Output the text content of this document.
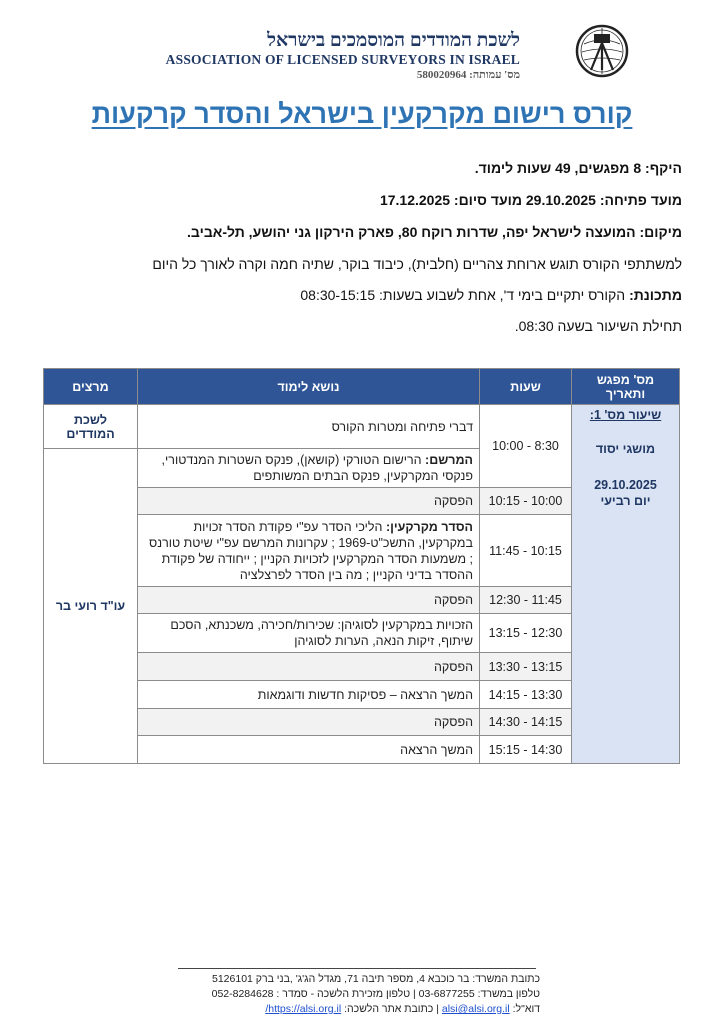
לשכת המודדים המוסמכים בישראל
ASSOCIATION OF LICENSED SURVEYORS IN ISRAEL
מס' עמותה: 580020964
קורס רישום מקרקעין בישראל והסדר קרקעות
היקף: 8 מפגשים, 49 שעות לימוד.
מועד פתיחה: 29.10.2025 מועד סיום: 17.12.2025
מיקום: המועצה לישראל יפה, שדרות רוקח 80, פארק הירקון גני יהושע, תל-אביב.
למשתתפי הקורס תוגש ארוחת צהריים (חלבית), כיבוד בוקר, שתיה חמה וקרה לאורך כל היום
מתכונת: הקורס יתקיים בימי ד', אחת לשבוע בשעות: 08:30-15:15
תחילת השיעור בשעה 08:30.
מס' מפגש ותאריך	שעות	נושא לימוד	מרצים

שיעור מס' 1:
מושגי יסוד
29.10.2025
יום רביעי	8:30 - 10:00	דברי פתיחה ומטרות הקורס	לשכת המודדים
		המרשם: הרישום הטורקי (קושאן), פנקס השטרות המנדטורי, פנקסי המקרקעין, פנקס הבתים המשותפים	עו"ד רועי בר
	10:00 - 10:15	הפסקה	
	10:15 - 11:45	הסדר מקרקעין: הליכי הסדר עפ"י פקודת הסדר זכויות במקרקעין, התשכ"ט-1969 ; עקרונות המרשם עפ"י שיטת טורנס ; משמעות הסדר המקרקעין לזכויות הקניין ; ייחודה של פקודת ההסדר בדיני הקניין ; מה בין הסדר לפרצלציה	
	11:45 - 12:30	הפסקה	
	12:30 - 13:15	הזכויות במקרקעין לסוגיהן: שכירות/חכירה, משכנתא, הסכם שיתוף, זיקות הנאה, הערות לסוגיהן	
	13:15 - 13:30	הפסקה	
	13:30 - 14:15	המשך הרצאה – פסיקות חדשות ודוגמאות	
	14:15 - 14:30	הפסקה	
	14:30 - 15:15	המשך הרצאה	
כתובת המשרד: בר כוכבא 4, מספר תיבה 71, מגדל הג'ג' ,בני ברק 5126101
טלפון במשרד: 03-6877255 | טלפון מזכירת הלשכה - סמדר : 052-8284628
דוא"ל: alsi@alsi.org.il | כתובת אתר הלשכה: https://alsi.org.il/
